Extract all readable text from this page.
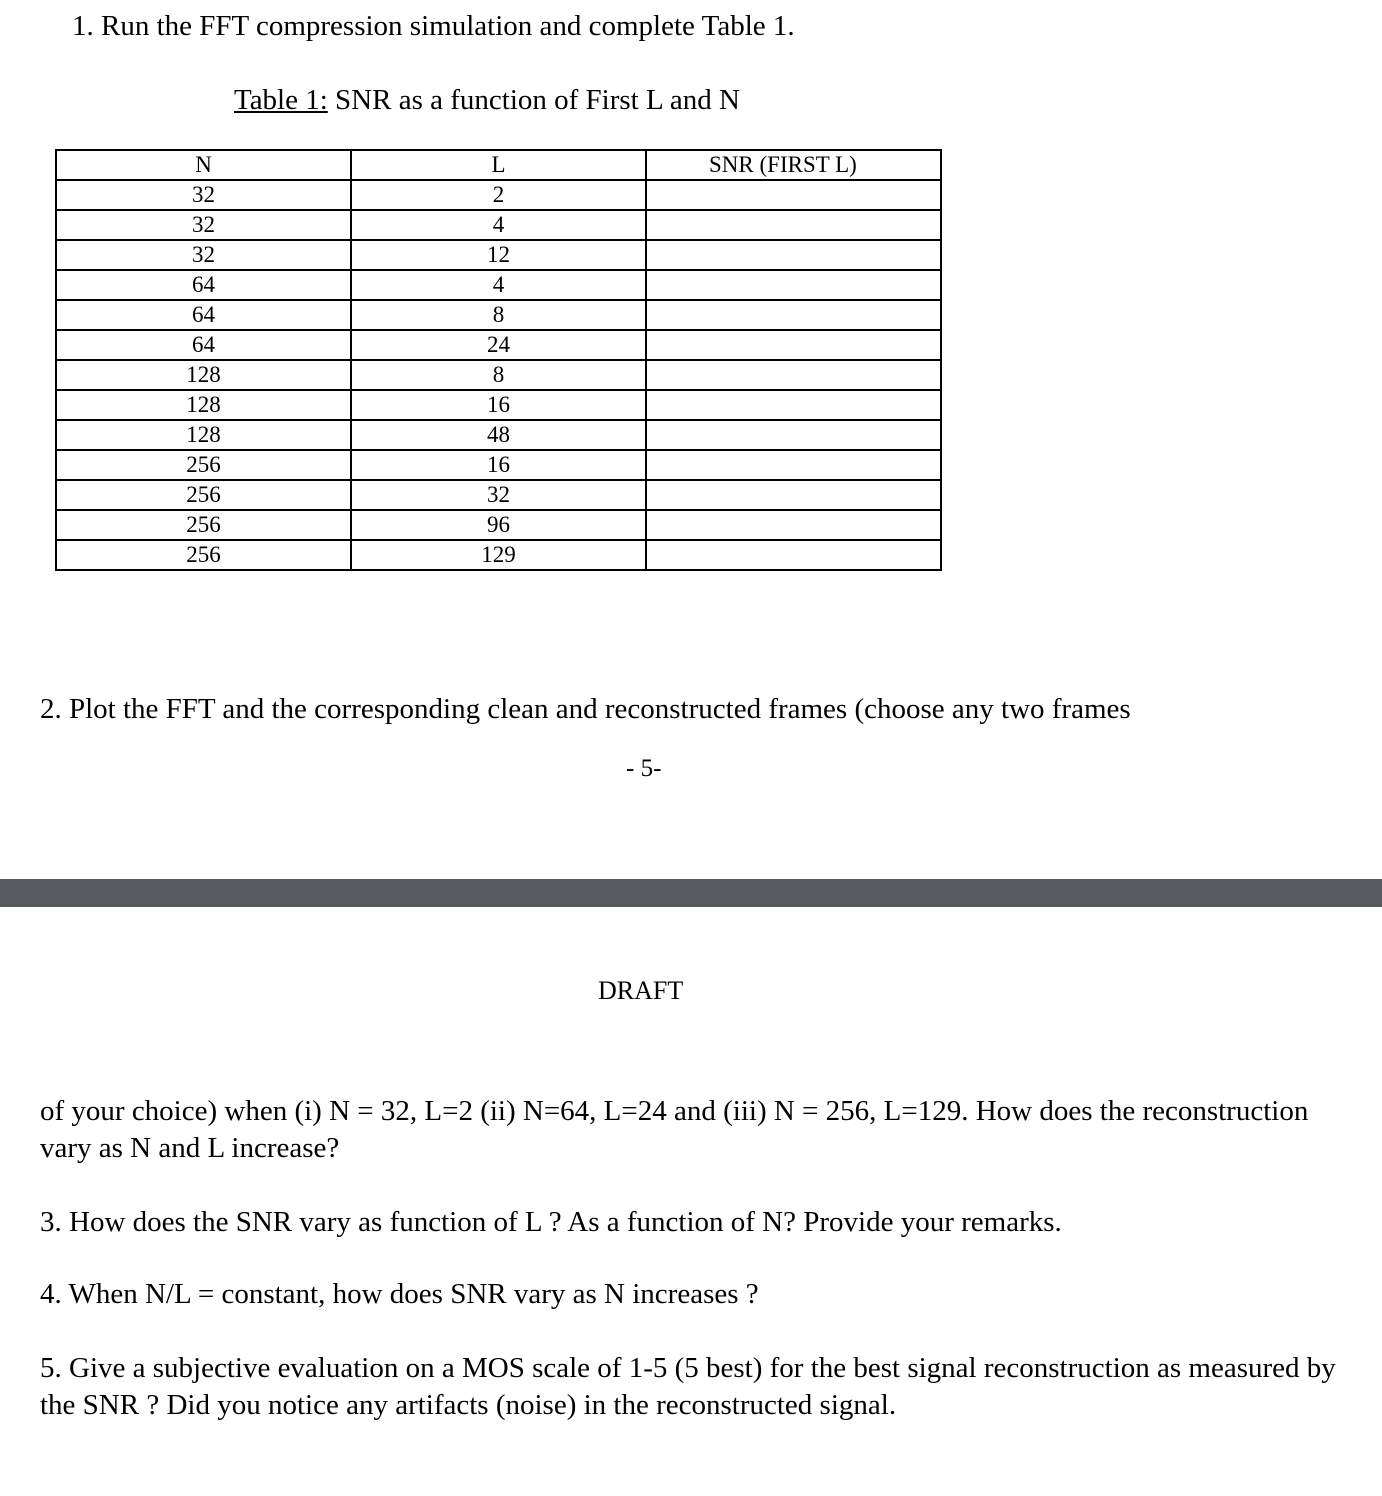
1. Run the FFT compression simulation and complete Table 1.
Table 1: SNR as a function of First L and N
N	L	SNR (FIRST L)
32	2	
32	4	
32	12	
64	4	
64	8	
64	24	
128	8	
128	16	
128	48	
256	16	
256	32	
256	96	
256	129	
2. Plot the FFT and the corresponding clean and reconstructed frames (choose any two frames
- 5-
DRAFT
of your choice) when (i) N = 32, L=2 (ii) N=64, L=24 and (iii) N = 256, L=129. How does the reconstruction vary as N and L increase?
3. How does the SNR vary as function of L ? As a function of N? Provide your remarks.
4. When N/L = constant, how does SNR vary as N increases ?
5. Give a subjective evaluation on a MOS scale of 1-5 (5 best) for the best signal reconstruction as measured by the SNR ? Did you notice any artifacts (noise) in the reconstructed signal.
